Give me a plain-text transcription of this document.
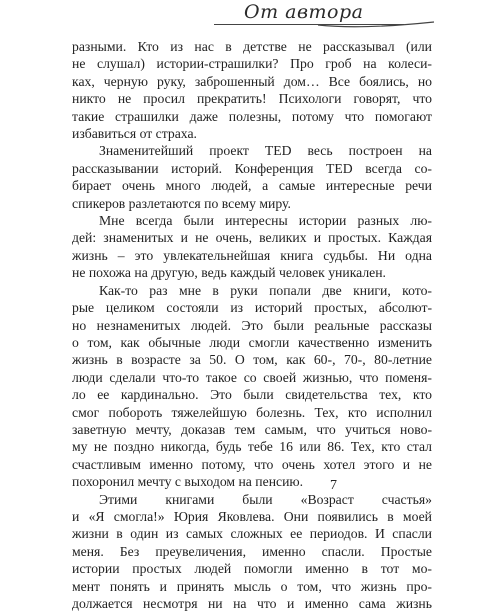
От автора

разными. Кто из нас в детстве не рассказывал (или
не слушал) истории-страшилки? Про гроб на колеси-
ках, черную руку, заброшенный дом… Все боялись, но
никто не просил прекратить! Психологи говорят, что
такие страшилки даже полезны, потому что помогают
избавиться от страха.

Знаменитейший проект TED весь построен на
рассказывании историй. Конференция TED всегда со-
бирает очень много людей, а самые интересные речи
спикеров разлетаются по всему миру.

Мне всегда были интересны истории разных лю-
дей: знаменитых и не очень, великих и простых. Каждая
жизнь – это увлекательнейшая книга судьбы. Ни одна
не похожа на другую, ведь каждый человек уникален.

Как-то раз мне в руки попали две книги, кото-
рые целиком состояли из историй простых, абсолют-
но незнаменитых людей. Это были реальные рассказы
о том, как обычные люди смогли качественно изменить
жизнь в возрасте за 50. О том, как 60-, 70-, 80-летние
люди сделали что-то такое со своей жизнью, что поменя-
ло ее кардинально. Это были свидетельства тех, кто
смог побороть тяжелейшую болезнь. Тех, кто исполнил
заветную мечту, доказав тем самым, что учиться ново-
му не поздно никогда, будь тебе 16 или 86. Тех, кто стал
счастливым именно потому, что очень хотел этого и не
похоронил мечту с выходом на пенсию.

Этими книгами были «Возраст счастья»
и «Я смогла!» Юрия Яковлева. Они появились в моей
жизни в один из самых сложных ее периодов. И спасли
меня. Без преувеличения, именно спасли. Простые
истории простых людей помогли именно в тот мо-
мент понять и принять мысль о том, что жизнь про-
должается несмотря ни на что и именно сама жизнь

7
